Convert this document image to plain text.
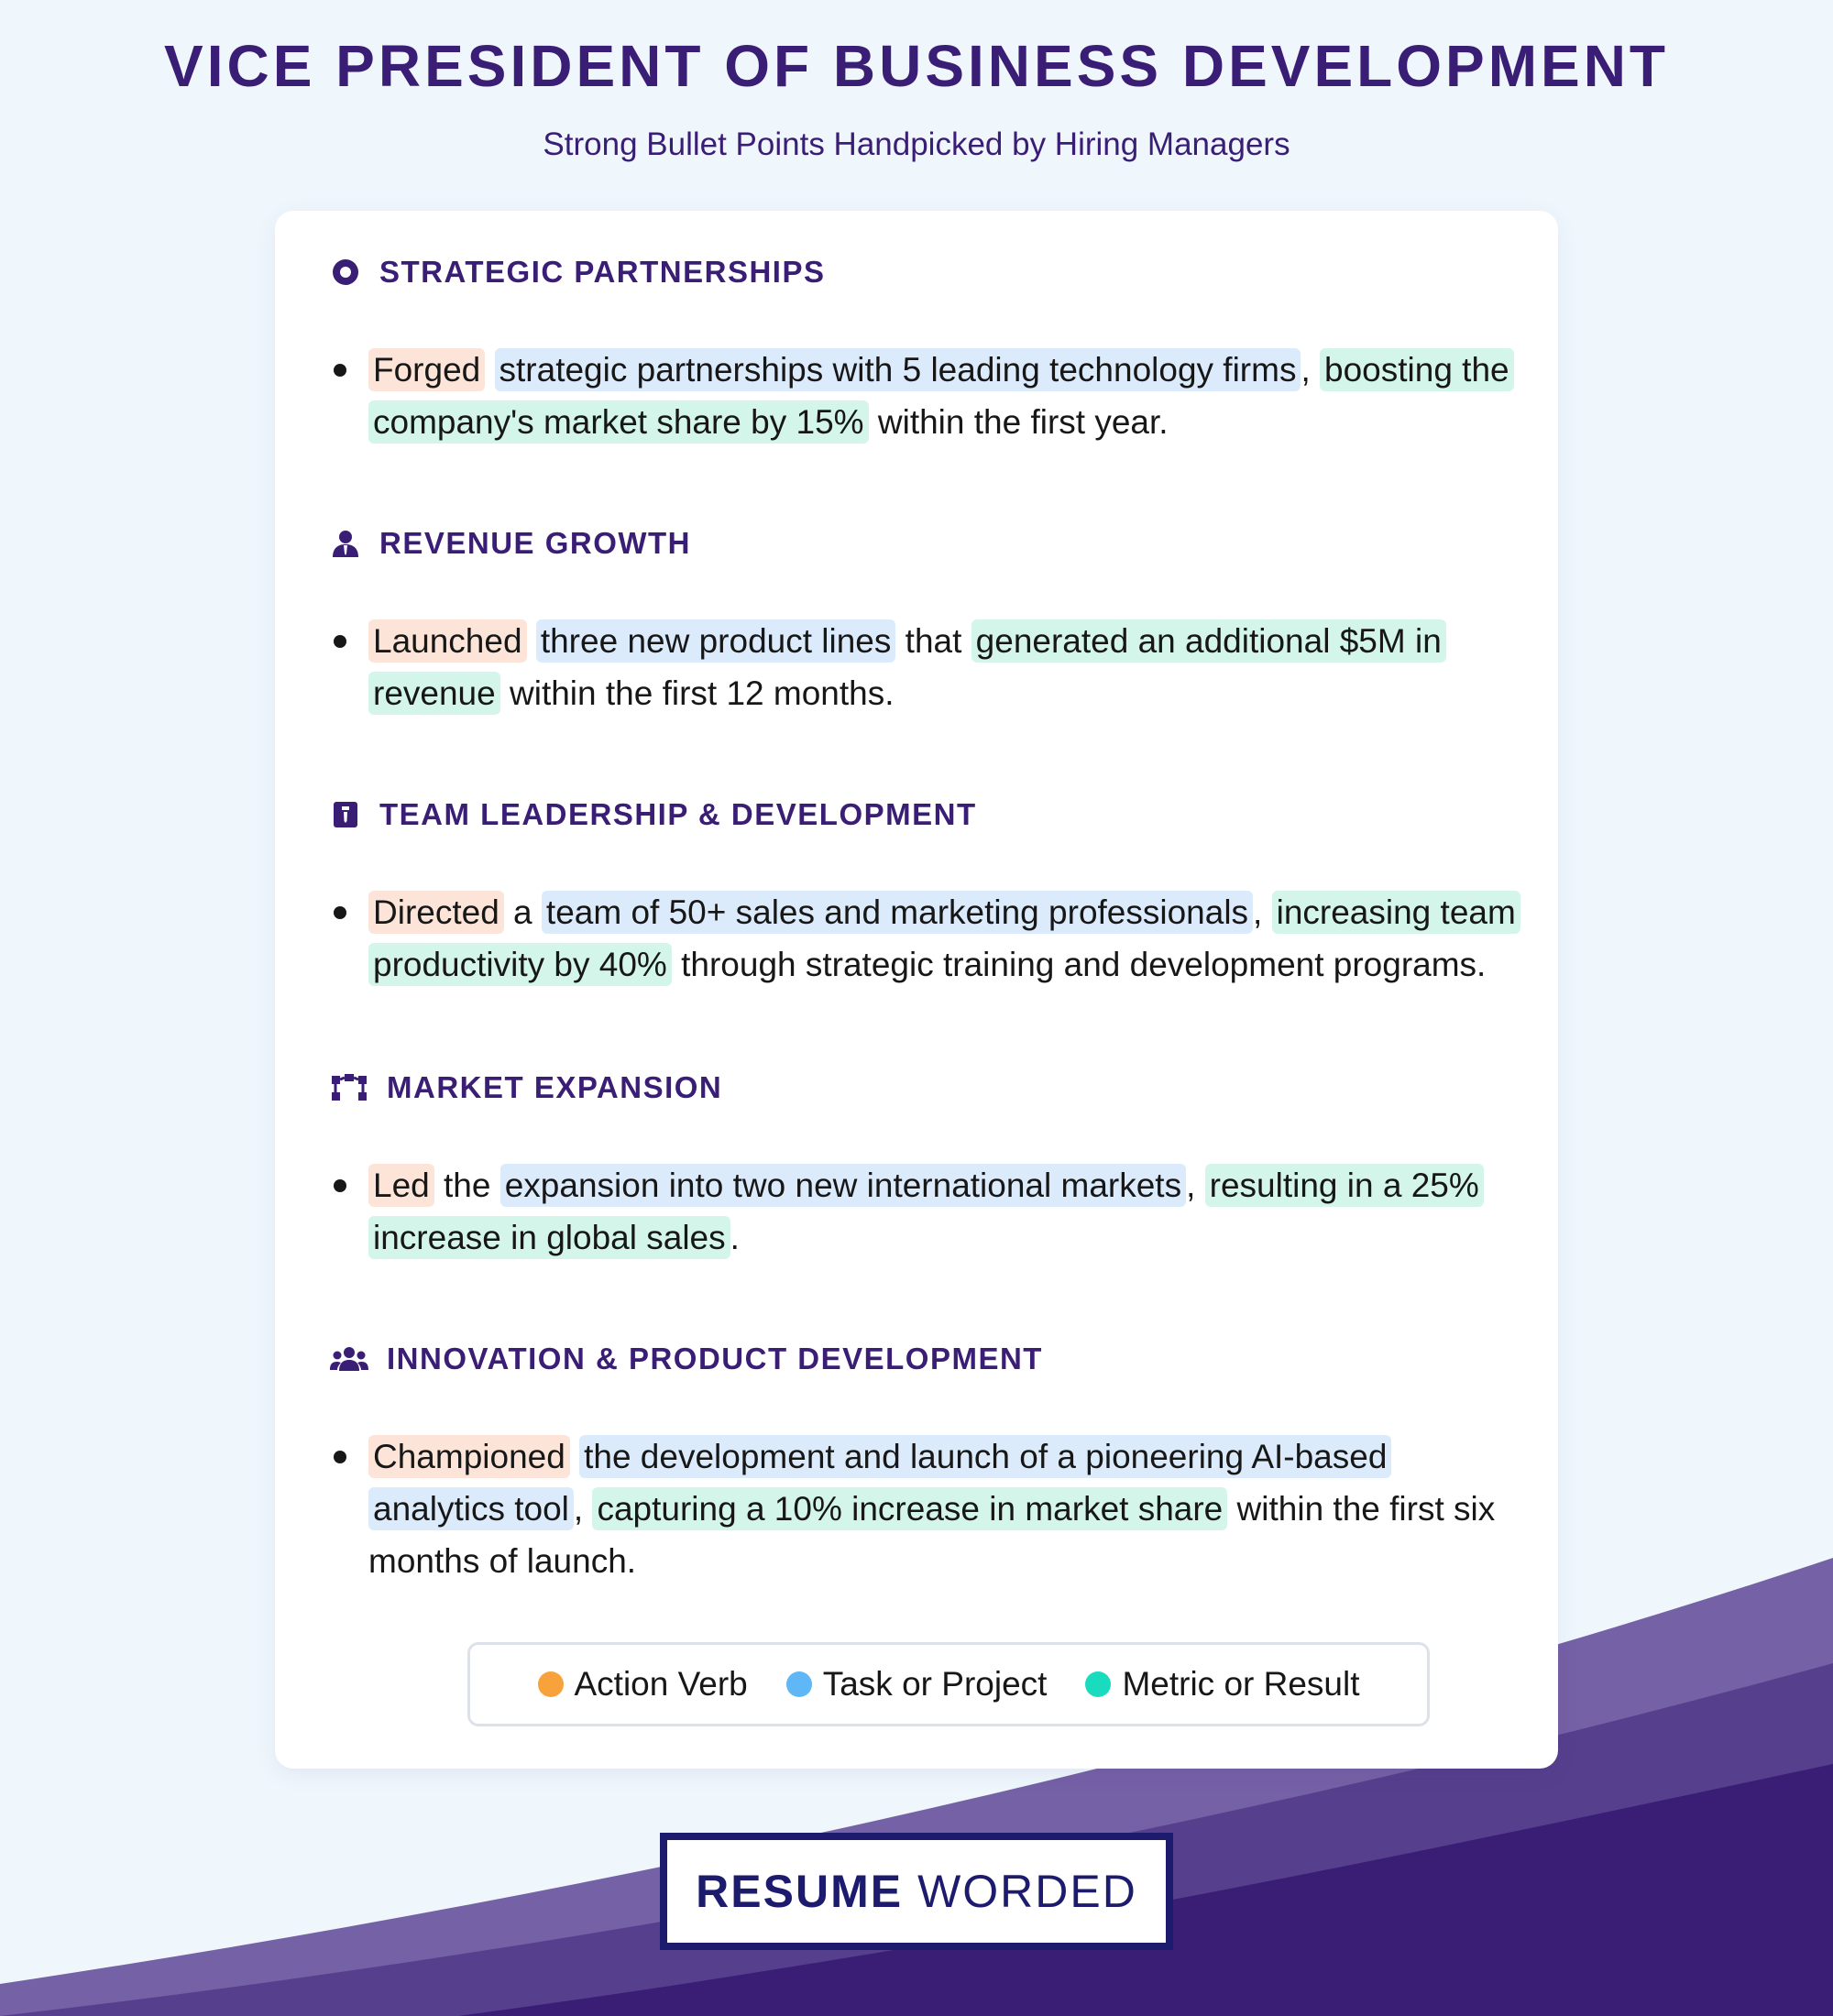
VICE PRESIDENT OF BUSINESS DEVELOPMENT
Strong Bullet Points Handpicked by Hiring Managers
STRATEGIC PARTNERSHIPS
Forged strategic partnerships with 5 leading technology firms , boosting the company's market share by 15% within the first year.
REVENUE GROWTH
Launched three new product lines that generated an additional $5M in revenue within the first 12 months.
TEAM LEADERSHIP & DEVELOPMENT
Directed a team of 50+ sales and marketing professionals , increasing team productivity by 40% through strategic training and development programs.
MARKET EXPANSION
Led the expansion into two new international markets , resulting in a 25% increase in global sales .
INNOVATION & PRODUCT DEVELOPMENT
Championed the development and launch of a pioneering AI-based analytics tool , capturing a 10% increase in market share within the first six months of launch.
Action Verb Task or Project Metric or Result
RESUME WORDED
